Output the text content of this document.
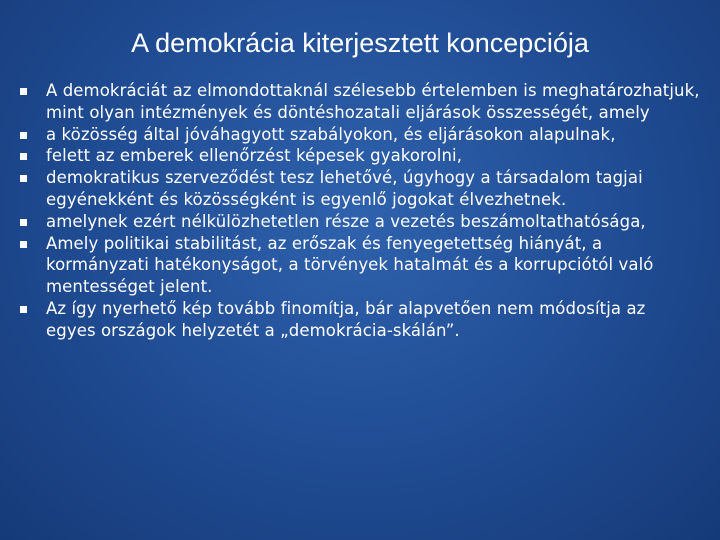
A demokrácia kiterjesztett koncepciója
A demokráciát az elmondottaknál szélesebb értelemben is meghatározhatjuk, mint olyan intézmények és döntéshozatali eljárások összességét, amely
a közösség által jóváhagyott szabályokon, és eljárásokon alapulnak,
felett az emberek ellenőrzést képesek gyakorolni,
demokratikus szerveződést tesz lehetővé, úgyhogy a társadalom tagjai egyénekként és közösségként is egyenlő jogokat élvezhetnek.
amelynek ezért nélkülözhetetlen része a vezetés beszámoltathatósága,
Amely politikai stabilitást, az erőszak és fenyegetettség hiányát, a kormányzati hatékonyságot, a törvények hatalmát és a korrupciótól való mentességet jelent.
Az így nyerhető kép tovább finomítja, bár alapvetően nem módosítja az egyes országok helyzetét a „demokrácia-skálán”.
